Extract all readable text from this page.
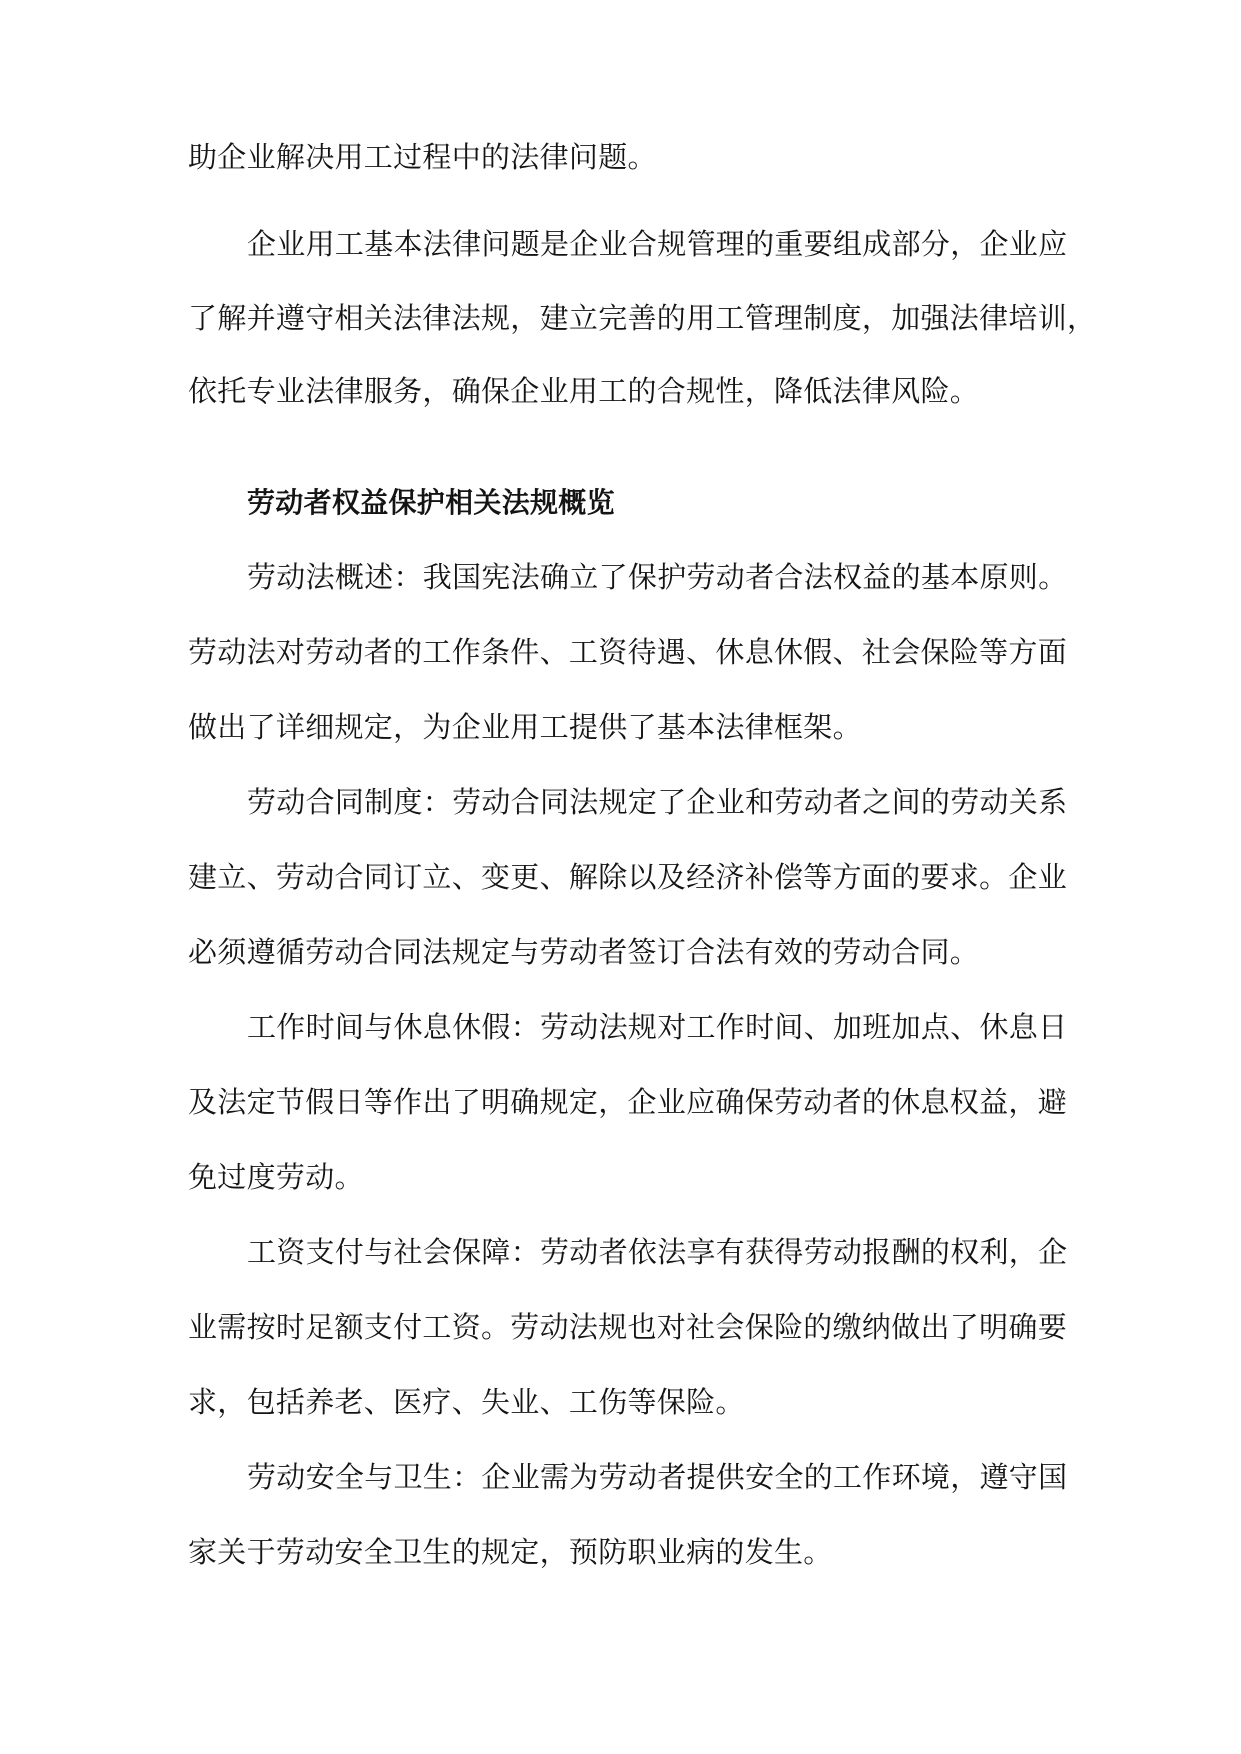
助企业解决用工过程中的法律问题。
企业用工基本法律问题是企业合规管理的重要组成部分，企业应
了解并遵守相关法律法规，建立完善的用工管理制度，加强法律培训，
依托专业法律服务，确保企业用工的合规性，降低法律风险。
劳动者权益保护相关法规概览
劳动法概述：我国宪法确立了保护劳动者合法权益的基本原则。
劳动法对劳动者的工作条件、工资待遇、休息休假、社会保险等方面
做出了详细规定，为企业用工提供了基本法律框架。
劳动合同制度：劳动合同法规定了企业和劳动者之间的劳动关系
建立、劳动合同订立、变更、解除以及经济补偿等方面的要求。企业
必须遵循劳动合同法规定与劳动者签订合法有效的劳动合同。
工作时间与休息休假：劳动法规对工作时间、加班加点、休息日
及法定节假日等作出了明确规定，企业应确保劳动者的休息权益，避
免过度劳动。
工资支付与社会保障：劳动者依法享有获得劳动报酬的权利，企
业需按时足额支付工资。劳动法规也对社会保险的缴纳做出了明确要
求，包括养老、医疗、失业、工伤等保险。
劳动安全与卫生：企业需为劳动者提供安全的工作环境，遵守国
家关于劳动安全卫生的规定，预防职业病的发生。
